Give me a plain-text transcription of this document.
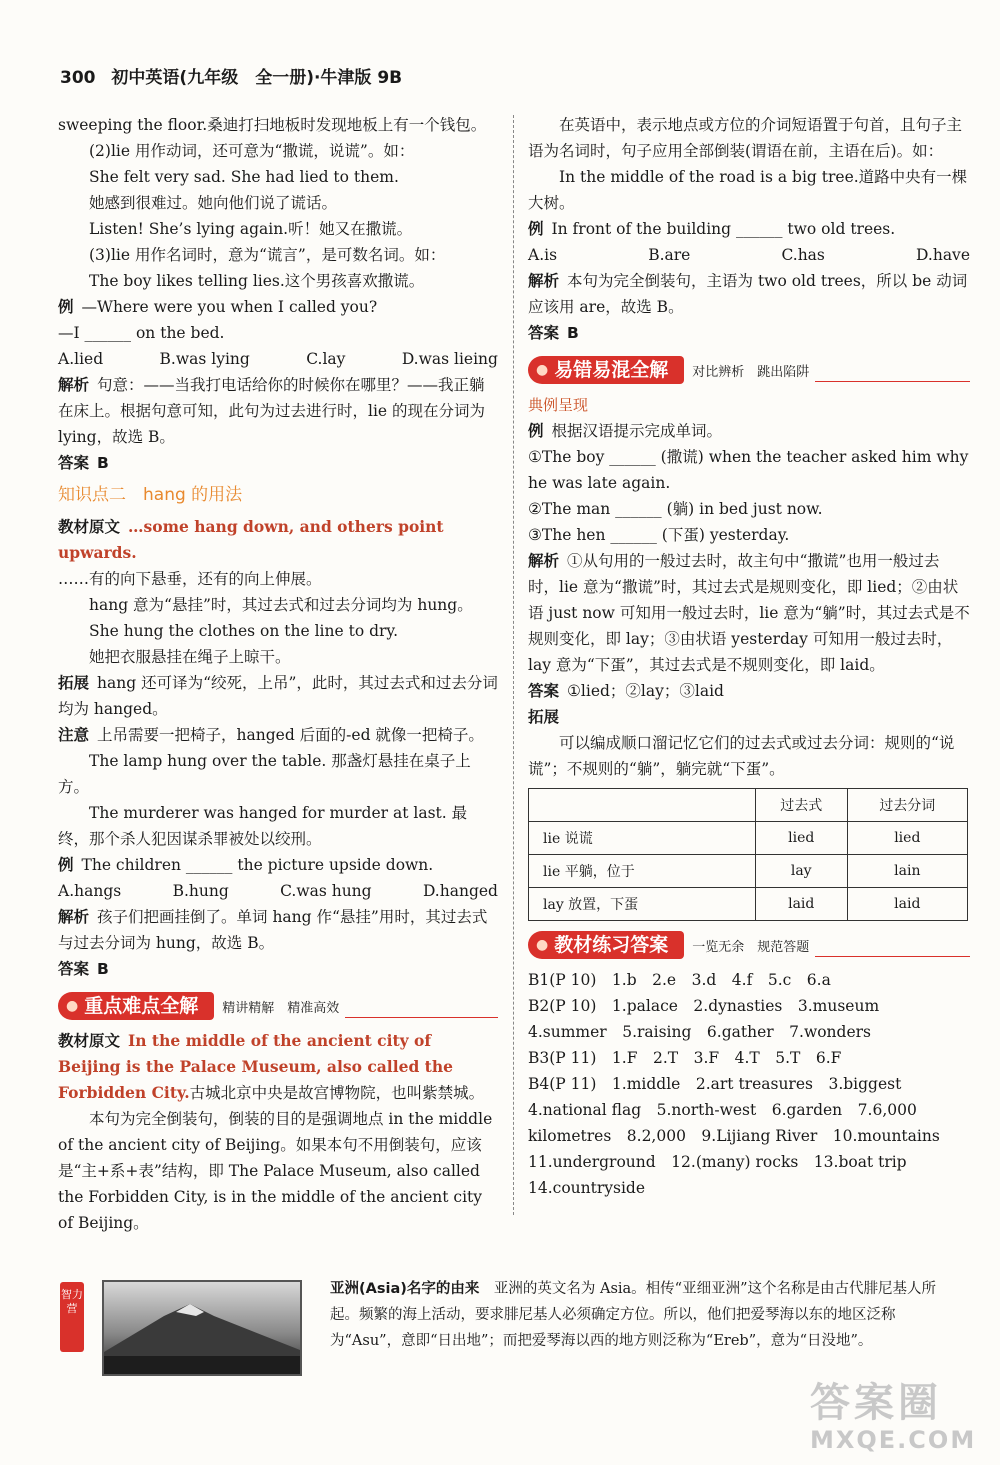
300 初中英语(九年级　全一册)·牛津版 9B

sweeping the floor.桑迪打扫地板时发现地板上有一个钱包。

(2)lie 用作动词，还可意为“撒谎，说谎”。如：

She felt very sad. She had lied to them.

她感到很难过。她向他们说了谎话。

Listen! She’s lying again.听！她又在撒谎。

(3)lie 用作名词时，意为“谎言”，是可数名词。如：

The boy likes telling lies.这个男孩喜欢撒谎。

例 —Where were you when I called you?

—I ______ on the bed.

A.lied	B.was lying	C.lay	D.was lieing

解析 句意：——当我打电话给你的时候你在哪里？——我正躺在床上。根据句意可知，此句为过去进行时，lie 的现在分词为 lying，故选 B。

答案 B

知识点二　hang 的用法

教材原文 …some hang down, and others point upwards.

……有的向下悬垂，还有的向上伸展。

hang 意为“悬挂”时，其过去式和过去分词均为 hung。

She hung the clothes on the line to dry.

她把衣服悬挂在绳子上晾干。

拓展 hang 还可译为“绞死，上吊”，此时，其过去式和过去分词均为 hanged。

注意 上吊需要一把椅子，hanged 后面的-ed 就像一把椅子。

The lamp hung over the table. 那盏灯悬挂在桌子上方。

The murderer was hanged for murder at last. 最终，那个杀人犯因谋杀罪被处以绞刑。

例 The children ______ the picture upside down.

A.hangs	B.hung	C.was hung	D.hanged

解析 孩子们把画挂倒了。单词 hang 作“悬挂”用时，其过去式与过去分词为 hung，故选 B。

答案 B

● 重点难点全解 精讲精解　精准高效

教材原文 In the middle of the ancient city of Beijing is the Palace Museum, also called the Forbidden City.古城北京中央是故宫博物院，也叫紫禁城。

本句为完全倒装句，倒装的目的是强调地点 in the middle of the ancient city of Beijing。如果本句不用倒装句，应该是“主+系+表”结构，即 The Palace Museum, also called the Forbidden City, is in the middle of the ancient city of Beijing。

在英语中，表示地点或方位的介词短语置于句首，且句子主语为名词时，句子应用全部倒装(谓语在前，主语在后)。如：

In the middle of the road is a big tree.道路中央有一棵大树。

例 In front of the building ______ two old trees.

A.is	B.are	C.has	D.have

解析 本句为完全倒装句，主语为 two old trees，所以 be 动词应该用 are，故选 B。

答案 B

● 易错易混全解 对比辨析　跳出陷阱
典例呈现

例 根据汉语提示完成单词。

①The boy ______ (撒谎) when the teacher asked him why he was late again.

②The man ______ (躺) in bed just now.

③The hen ______ (下蛋) yesterday.

解析 ①从句用的一般过去时，故主句中“撒谎”也用一般过去时，lie 意为“撒谎”时，其过去式是规则变化，即 lied；②由状语 just now 可知用一般过去时，lie 意为“躺”时，其过去式是不规则变化，即 lay；③由状语 yesterday 可知用一般过去时，lay 意为“下蛋”，其过去式是不规则变化，即 laid。

答案 ①lied；②lay；③laid

拓展

可以编成顺口溜记忆它们的过去式或过去分词：规则的“说谎”；不规则的“躺”，躺完就“下蛋”。

	过去式	过去分词
lie 说谎	lied	lied
lie 平躺，位于	lay	lain
lay 放置，下蛋	laid	laid
● 教材练习答案 一览无余　规范答题

B1(P 10)　1.b　2.e　3.d　4.f　5.c　6.a

B2(P 10)　1.palace　2.dynasties　3.museum　4.summer　5.raising　6.gather　7.wonders

B3(P 11)　1.F　2.T　3.F　4.T　5.T　6.F

B4(P 11)　1.middle　2.art treasures　3.biggest　4.national flag　5.north-west　6.garden　7.6,000 kilometres　8.2,000　9.Lijiang River　10.mountains　11.underground　12.(many) rocks　13.boat trip　14.countryside

智力营
亚洲(Asia)名字的由来　 亚洲的英文名为 Asia。相传“亚细亚洲”这个名称是由古代腓尼基人所起。频繁的海上活动，要求腓尼基人必须确定方位。所以，他们把爱琴海以东的地区泛称为“Asu”，意即“日出地”；而把爱琴海以西的地方则泛称为“Ereb”，意为“日没地”。
答案圈
MXQE.COM
